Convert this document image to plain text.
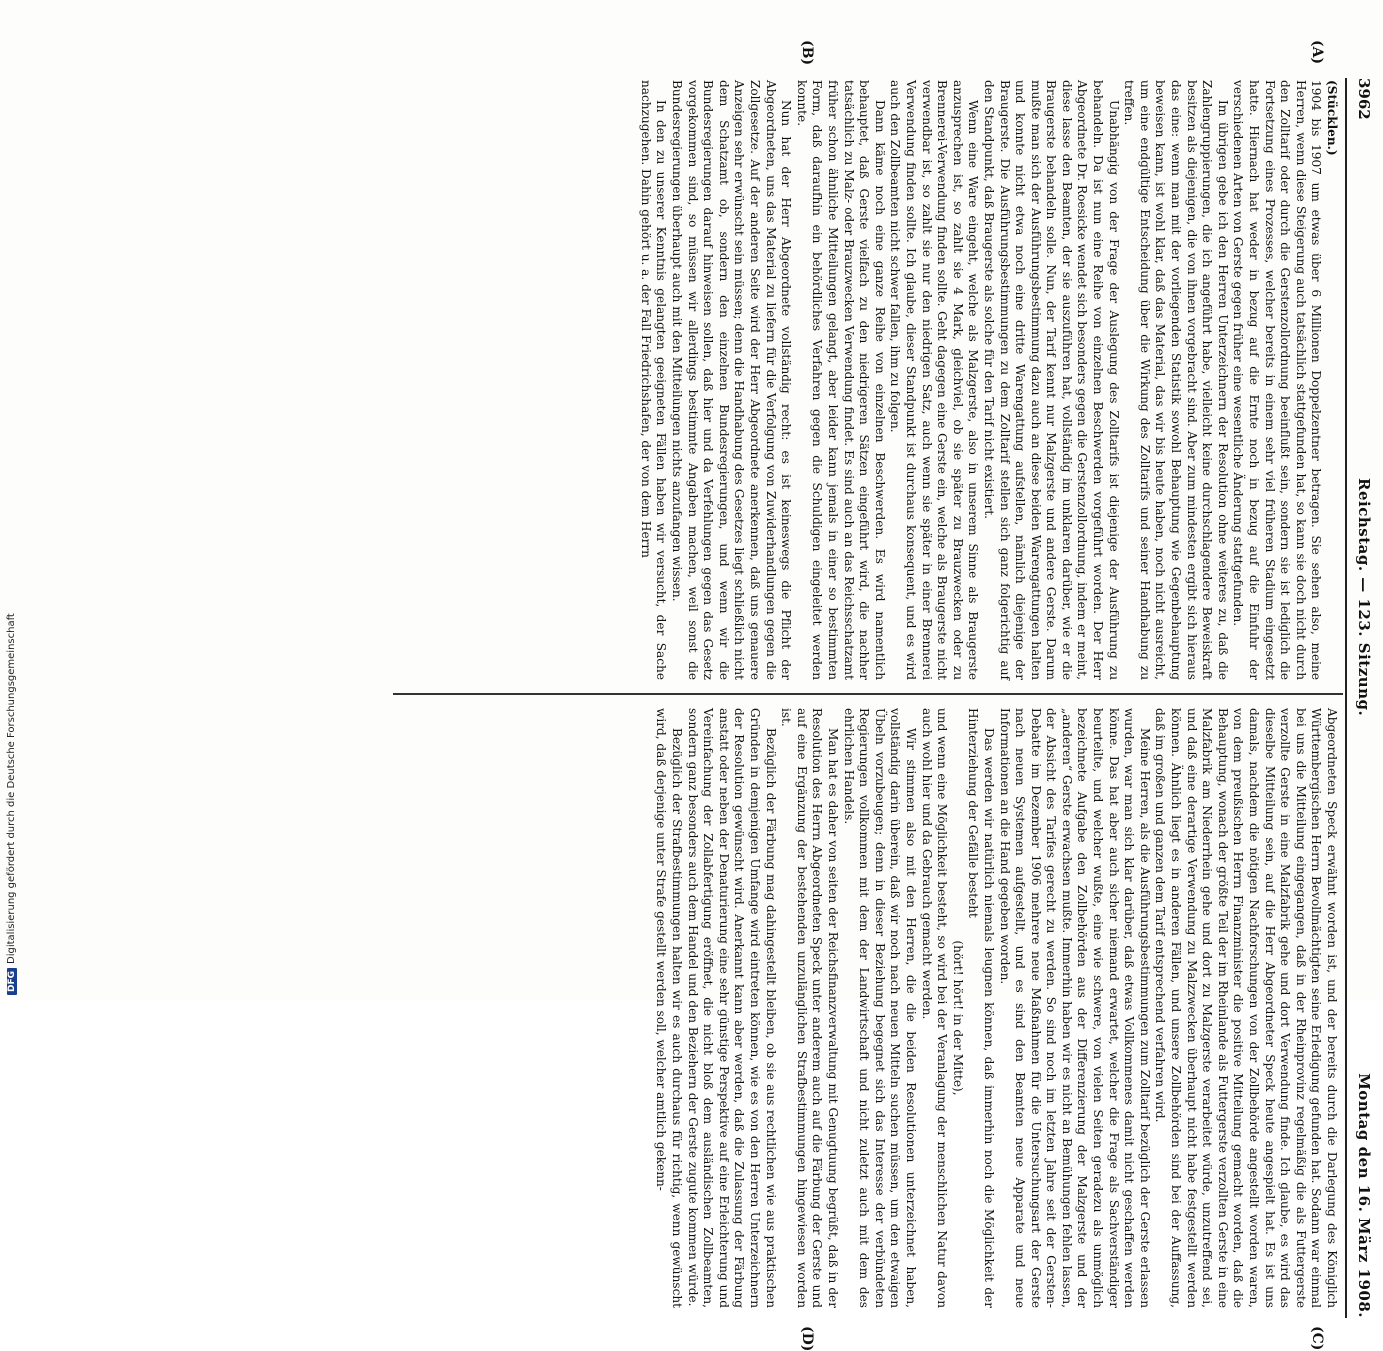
3962
Reichstag. — 123. Sitzung.
Montag den 16. März 1908.
(A)
(B)
(C)
(D)

(Stücklen.)

1904 bis 1907 um etwas über 6 Millionen Doppelzentner betragen. Sie sehen also, meine Herren, wenn diese Steigerung auch tatsächlich stattgefunden hat, so kann sie doch nicht durch den Zolltarif oder durch die Gerstenzollordnung beeinflußt sein, sondern sie ist lediglich die Fortsetzung eines Prozesses, welcher bereits in einem sehr viel früheren Stadium eingesetzt hatte. Hiernach hat weder in bezug auf die Ernte noch in bezug auf die Einfuhr der verschiedenen Arten von Gerste gegen früher eine wesentliche Änderung stattgefunden.

Im übrigen gebe ich den Herren Unterzeichnern der Resolution ohne weiteres zu, daß die Zahlengruppierungen, die ich angeführt habe, vielleicht keine durchschlagendere Beweiskraft besitzen als diejenigen, die von ihnen vorgebracht sind. Aber zum mindesten ergibt sich hieraus das eine: wenn man mit der vorliegenden Statistik sowohl Behauptung wie Gegenbehauptung beweisen kann, ist wohl klar, daß das Material, das wir bis heute haben, noch nicht ausreicht, um eine endgültige Entscheidung über die Wirkung des Zolltarifs und seiner Handhabung zu treffen.

Unabhängig von der Frage der Auslegung des Zolltarifs ist diejenige der Ausführung zu behandeln. Da ist nun eine Reihe von einzelnen Beschwerden vorgeführt worden. Der Herr Abgeordnete Dr. Roesicke wendet sich besonders gegen die Gerstenzollordnung, indem er meint, diese lasse den Beamten, der sie auszuführen hat, vollständig im unklaren darüber, wie er die Braugerste behandeln solle. Nun, der Tarif kennt nur Malzgerste und andere Gerste. Darum mußte man sich der Ausführungsbestimmung dazu auch an diese beiden Warengattungen halten und konnte nicht etwa noch eine dritte Warengattung aufstellen, nämlich diejenige der Braugerste. Die Ausführungsbestimmungen zu dem Zolltarif stellen sich ganz folgerichtig auf den Standpunkt, daß Braugerste als solche für den Tarif nicht existiert.

Wenn eine Ware eingeht, welche als Malzgerste, also in unserem Sinne als Braugerste anzusprechen ist, so zahlt sie 4 Mark, gleichviel, ob sie später zu Brauzwecken oder zu Brennerei-Verwendung finden sollte. Geht dagegen eine Gerste ein, welche als Braugerste nicht verwendbar ist, so zahlt sie nur den niedrigen Satz, auch wenn sie später in einer Brennerei Verwendung finden sollte. Ich glaube, dieser Standpunkt ist durchaus konsequent, und es wird auch den Zollbeamten nicht schwer fallen, ihm zu folgen.

Dann käme noch eine ganze Reihe von einzelnen Beschwerden. Es wird namentlich behauptet, daß Gerste vielfach zu den niedrigeren Sätzen eingeführt wird, die nachher tatsächlich zu Malz- oder Brauzwecken Verwendung findet. Es sind auch an das Reichsschatzamt früher schon ähnliche Mitteilungen gelangt, aber leider kann jemals in einer so bestimmten Form, daß daraufhin ein behördliches Verfahren gegen die Schuldigen eingeleitet werden konnte.

Nun hat der Herr Abgeordnete vollständig recht: es ist keineswegs die Pflicht der Abgeordneten, uns das Material zu liefern für die Verfolgung von Zuwiderhandlungen gegen die Zollgesetze. Auf der anderen Seite wird der Herr Abgeordnete anerkennen, daß uns genauere Anzeigen sehr erwünscht sein müssen; denn die Handhabung des Gesetzes liegt schließlich nicht dem Schatzamt ob, sondern den einzelnen Bundesregierungen, und wenn wir die Bundesregierungen darauf hinweisen sollen, daß hier und da Verfehlungen gegen das Gesetz vorgekommen sind, so müssen wir allerdings bestimmte Angaben machen, weil sonst die Bundesregierungen überhaupt auch mit den Mitteilungen nichts anzufangen wissen.

In den zu unserer Kenntnis gelangten geeigneten Fällen haben wir versucht, der Sache nachzugehen. Dahin gehört u. a. der Fall Friedrichshafen, der von dem Herrn

Abgeordneten Speck erwähnt worden ist, und der bereits durch die Darlegung des Königlich Württembergischen Herrn Bevollmächtigten seine Erledigung gefunden hat. Sodann war einmal bei uns die Mitteilung eingegangen, daß in der Rheinprovinz regelmäßig die als Futtergerste verzollte Gerste in eine Malzfabrik gehe und dort Verwendung finde. Ich glaube, es wird das dieselbe Mitteilung sein, auf die Herr Abgeordneter Speck heute angespielt hat. Es ist uns damals, nachdem die nötigen Nachforschungen von der Zollbehörde angestellt worden waren, von dem preußischen Herrn Finanzminister die positive Mitteilung gemacht worden, daß die Behauptung, wonach der größte Teil der im Rheinlande als Futtergerste verzollten Gerste in eine Malzfabrik am Niederrhein gehe und dort zu Malzgerste verarbeitet würde, unzutreffend sei, und daß eine derartige Verwendung zu Malzzwecken überhaupt nicht habe festgestellt werden können. Ähnlich liegt es in anderen Fällen, und unsere Zollbehörden sind bei der Auffassung, daß im großen und ganzen dem Tarif entsprechend verfahren wird.

Meine Herren, als die Ausführungsbestimmungen zum Zolltarif bezüglich der Gerste erlassen wurden, war man sich klar darüber, daß etwas Vollkommenes damit nicht geschaffen werden könne. Das hat aber auch sicher niemand erwartet, welcher die Frage als Sachverständiger beurteilte, und welcher wußte, eine wie schwere, von vielen Seiten geradezu als unmöglich bezeichnete Aufgabe den Zollbehörden aus der Differenzierung der Malzgerste und der „anderen“ Gerste erwachsen mußte. Immerhin haben wir es nicht an Bemühungen fehlen lassen, der Absicht des Tarifes gerecht zu werden. So sind noch im letzten Jahre seit der Gersten-Debatte im Dezember 1906 mehrere neue Maßnahmen für die Untersuchungsart der Gerste nach neuen Systemen aufgestellt, und es sind den Beamten neue Apparate und neue Informationen an die Hand gegeben worden.

Das werden wir natürlich niemals leugnen können, daß immerhin noch die Möglichkeit der Hinterziehung der Gefälle besteht

(hört! hört! in der Mitte),

und wenn eine Möglichkeit besteht, so wird bei der Veranlagung der menschlichen Natur davon auch wohl hier und da Gebrauch gemacht werden.

Wir stimmen also mit den Herren, die die beiden Resolutionen unterzeichnet haben, vollständig darin überein, daß wir noch nach neuen Mitteln suchen müssen, um den etwaigen Übeln vorzubeugen; denn in dieser Beziehung begegnet sich das Interesse der verbündeten Regierungen vollkommen mit dem der Landwirtschaft und nicht zuletzt auch mit dem des ehrlichen Handels.

Man hat es daher von seiten der Reichsfinanzverwaltung mit Genugtuung begrüßt, daß in der Resolution des Herrn Abgeordneten Speck unter anderem auch auf die Färbung der Gerste und auf eine Ergänzung der bestehenden unzulänglichen Strafbestimmungen hingewiesen worden ist.

Bezüglich der Färbung mag dahingestellt bleiben, ob sie aus rechtlichen wie aus praktischen Gründen in demjenigen Umfange wird eintreten können, wie es von den Herren Unterzeichnern der Resolution gewünscht wird. Anerkannt kann aber werden, daß die Zulassung der Färbung anstatt oder neben der Denaturierung eine sehr günstige Perspektive auf eine Erleichterung und Vereinfachung der Zollabfertigung eröffnet, die nicht bloß dem ausländischen Zollbeamten, sondern ganz besonders auch dem Handel und den Beziehern der Gerste zugute kommen würde.

Bezüglich der Strafbestimmungen halten wir es auch durchaus für richtig, wenn gewünscht wird, daß derjenige unter Strafe gestellt werden soll, welcher amtlich gekenn-

DFGDigitalisierung gefördert durch die Deutsche Forschungsgemeinschaft
